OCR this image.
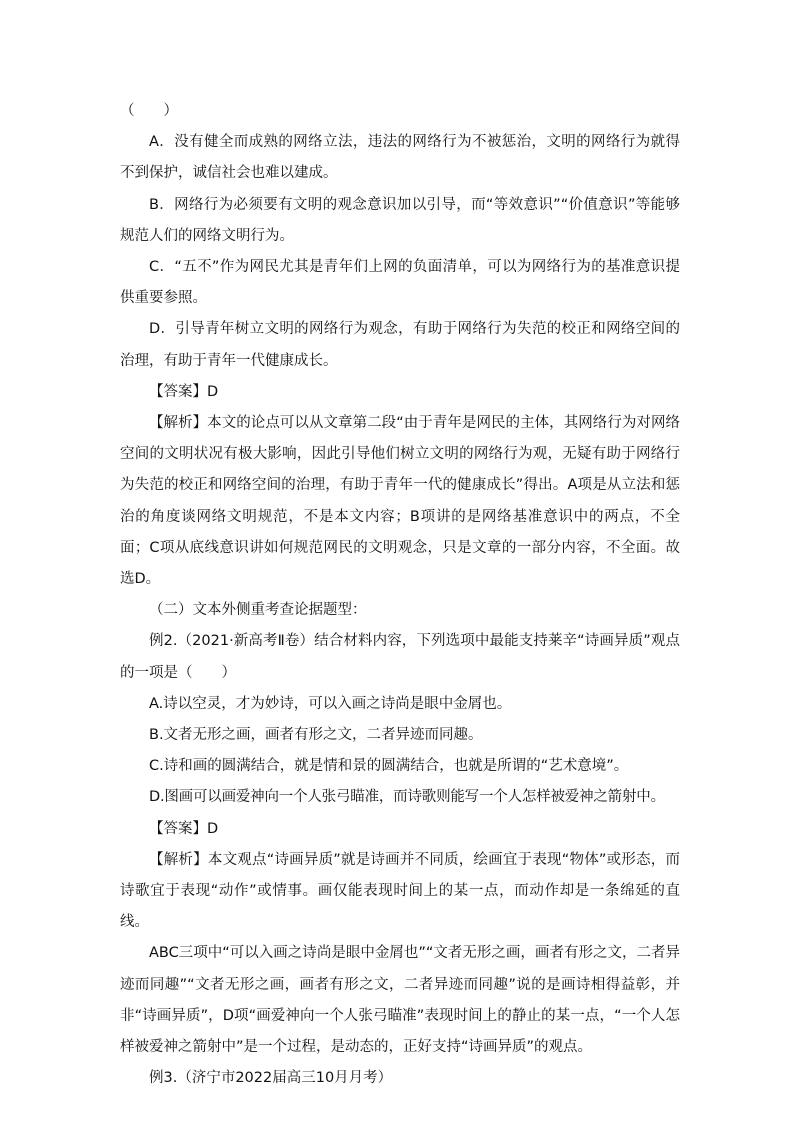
（　　）

A．没有健全而成熟的网络立法，违法的网络行为不被惩治，文明的网络行为就得不到保护，诚信社会也难以建成。

B．网络行为必须要有文明的观念意识加以引导，而“等效意识”“价值意识”等能够规范人们的网络文明行为。

C．“五不”作为网民尤其是青年们上网的负面清单，可以为网络行为的基准意识提供重要参照。

D．引导青年树立文明的网络行为观念，有助于网络行为失范的校正和网络空间的治理，有助于青年一代健康成长。

【答案】D

【解析】本文的论点可以从文章第二段“由于青年是网民的主体，其网络行为对网络空间的文明状况有极大影响，因此引导他们树立文明的网络行为观，无疑有助于网络行为失范的校正和网络空间的治理，有助于青年一代的健康成长”得出。A项是从立法和惩治的角度谈网络文明规范，不是本文内容；B项讲的是网络基准意识中的两点，不全面；C项从底线意识讲如何规范网民的文明观念，只是文章的一部分内容，不全面。故选D。

（二）文本外侧重考查论据题型：

例2.（2021·新高考Ⅱ卷）结合材料内容，下列选项中最能支持莱辛“诗画异质”观点的一项是（　　）

A.诗以空灵，才为妙诗，可以入画之诗尚是眼中金屑也。

B.文者无形之画，画者有形之文，二者异迹而同趣。

C.诗和画的圆满结合，就是情和景的圆满结合，也就是所谓的“艺术意境”。

D.图画可以画爱神向一个人张弓瞄准，而诗歌则能写一个人怎样被爱神之箭射中。

【答案】D

【解析】本文观点“诗画异质”就是诗画并不同质，绘画宜于表现“物体”或形态，而诗歌宜于表现“动作”或情事。画仅能表现时间上的某一点，而动作却是一条绵延的直线。

ABC三项中“可以入画之诗尚是眼中金屑也”“文者无形之画，画者有形之文，二者异迹而同趣”“文者无形之画，画者有形之文，二者异迹而同趣”说的是画诗相得益彰，并非“诗画异质”，D项“画爱神向一个人张弓瞄准”表现时间上的静止的某一点，“一个人怎样被爱神之箭射中”是一个过程，是动态的，正好支持“诗画异质”的观点。

例3.（济宁市2022届高三10月月考）
